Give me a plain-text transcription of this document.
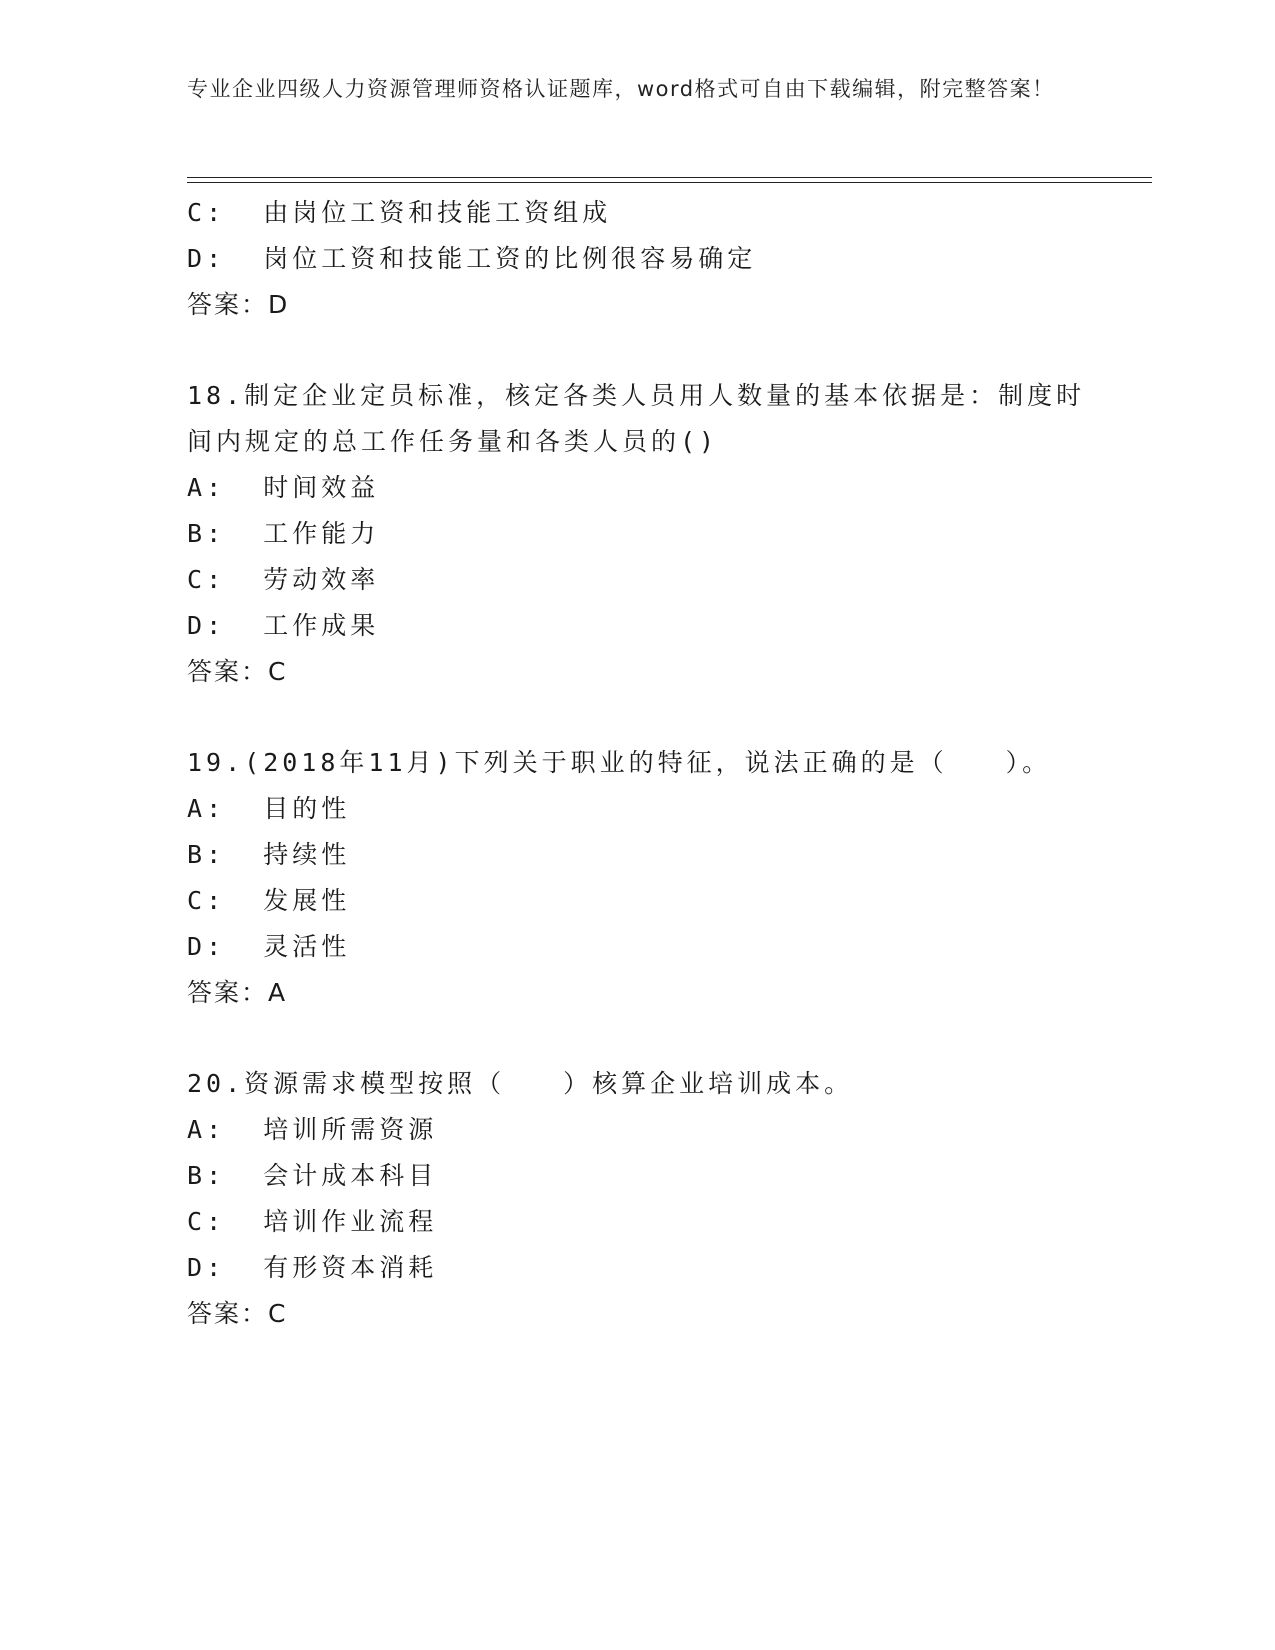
专业企业四级人力资源管理师资格认证题库，word格式可自由下载编辑，附完整答案！
C:  由岗位工资和技能工资组成
D:  岗位工资和技能工资的比例很容易确定
答案：D
18.制定企业定员标准，核定各类人员用人数量的基本依据是：制度时
间内规定的总工作任务量和各类人员的()
A:  时间效益
B:  工作能力
C:  劳动效率
D:  工作成果
答案：C
19.(2018年11月)下列关于职业的特征，说法正确的是（　　）。
A:  目的性
B:  持续性
C:  发展性
D:  灵活性
答案：A
20.资源需求模型按照（　　）核算企业培训成本。
A:  培训所需资源
B:  会计成本科目
C:  培训作业流程
D:  有形资本消耗
答案：C
